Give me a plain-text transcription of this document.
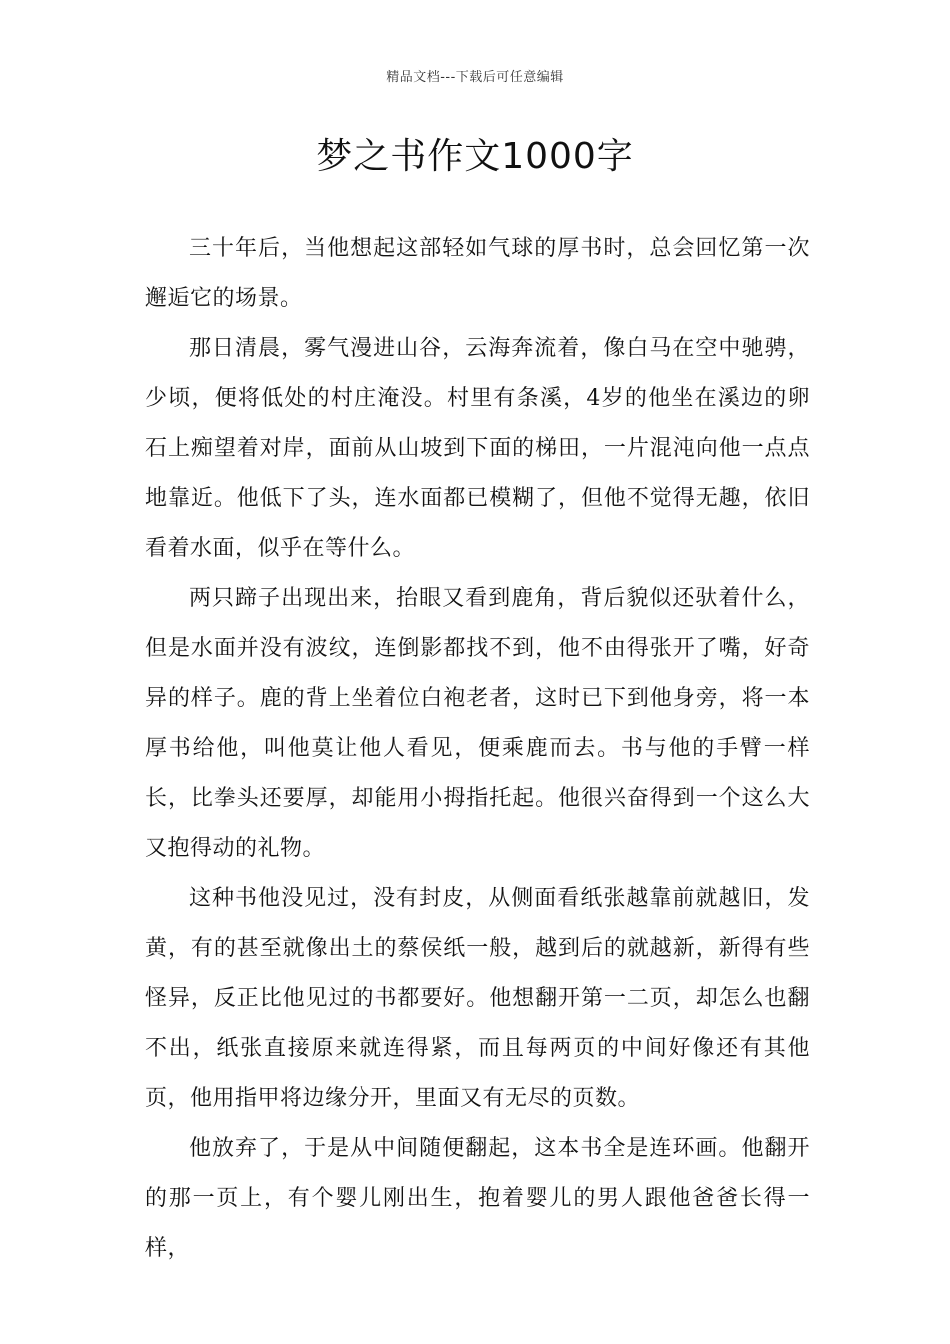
精品文档---下载后可任意编辑
梦之书作文1000字

三十年后，当他想起这部轻如气球的厚书时，总会回忆第一次邂逅它的场景。

那日清晨，雾气漫进山谷，云海奔流着，像白马在空中驰骋，少顷，便将低处的村庄淹没。村里有条溪，4岁的他坐在溪边的卵石上痴望着对岸，面前从山坡到下面的梯田，一片混沌向他一点点地靠近。他低下了头，连水面都已模糊了，但他不觉得无趣，依旧看着水面，似乎在等什么。

两只蹄子出现出来，抬眼又看到鹿角，背后貌似还驮着什么，但是水面并没有波纹，连倒影都找不到，他不由得张开了嘴，好奇异的样子。鹿的背上坐着位白袍老者，这时已下到他身旁，将一本厚书给他，叫他莫让他人看见，便乘鹿而去。书与他的手臂一样长，比拳头还要厚，却能用小拇指托起。他很兴奋得到一个这么大又抱得动的礼物。

这种书他没见过，没有封皮，从侧面看纸张越靠前就越旧，发黄，有的甚至就像出土的蔡侯纸一般，越到后的就越新，新得有些怪异，反正比他见过的书都要好。他想翻开第一二页，却怎么也翻不出，纸张直接原来就连得紧，而且每两页的中间好像还有其他页，他用指甲将边缘分开，里面又有无尽的页数。

他放弃了，于是从中间随便翻起，这本书全是连环画。他翻开的那一页上，有个婴儿刚出生，抱着婴儿的男人跟他爸爸长得一样，
